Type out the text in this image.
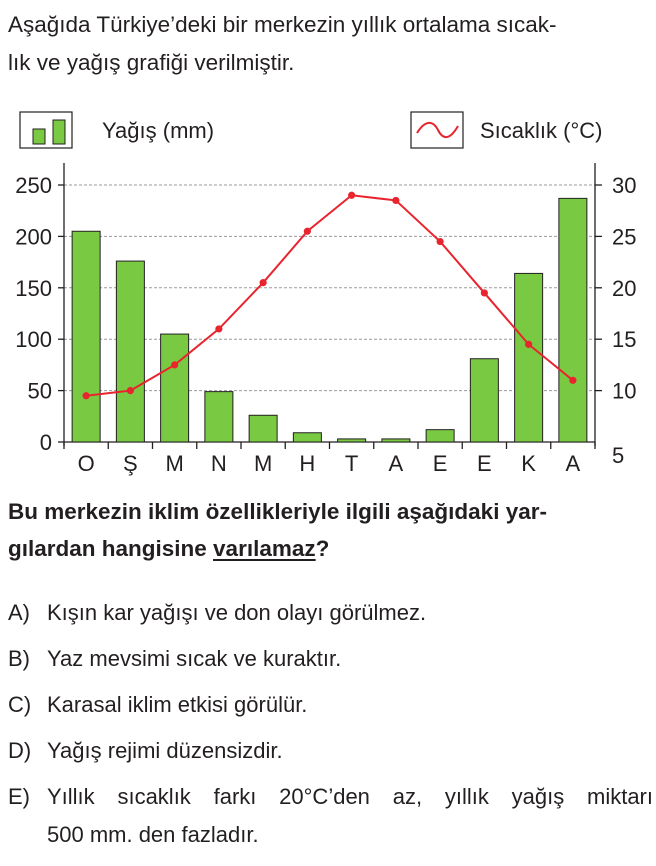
Aşağıda Türkiye’deki bir merkezin yıllık ortalama sıcak-
lık ve yağış grafiği verilmiştir.
Yağış (mm)	Sıcaklık (°C)
0
50
100
150
200
250
5
10
15
20
25
30
O Ş M N M H T A E E K A
Bu merkezin iklim özellikleriyle ilgili aşağıdaki yar-
gılardan hangisine varılamaz?
A) Kışın kar yağışı ve don olayı görülmez.
B) Yaz mevsimi sıcak ve kuraktır.
C) Karasal iklim etkisi görülür.
D) Yağış rejimi düzensizdir.
E) Yıllık sıcaklık farkı 20°C’den az, yıllık yağış miktarı
500 mm. den fazladır.
